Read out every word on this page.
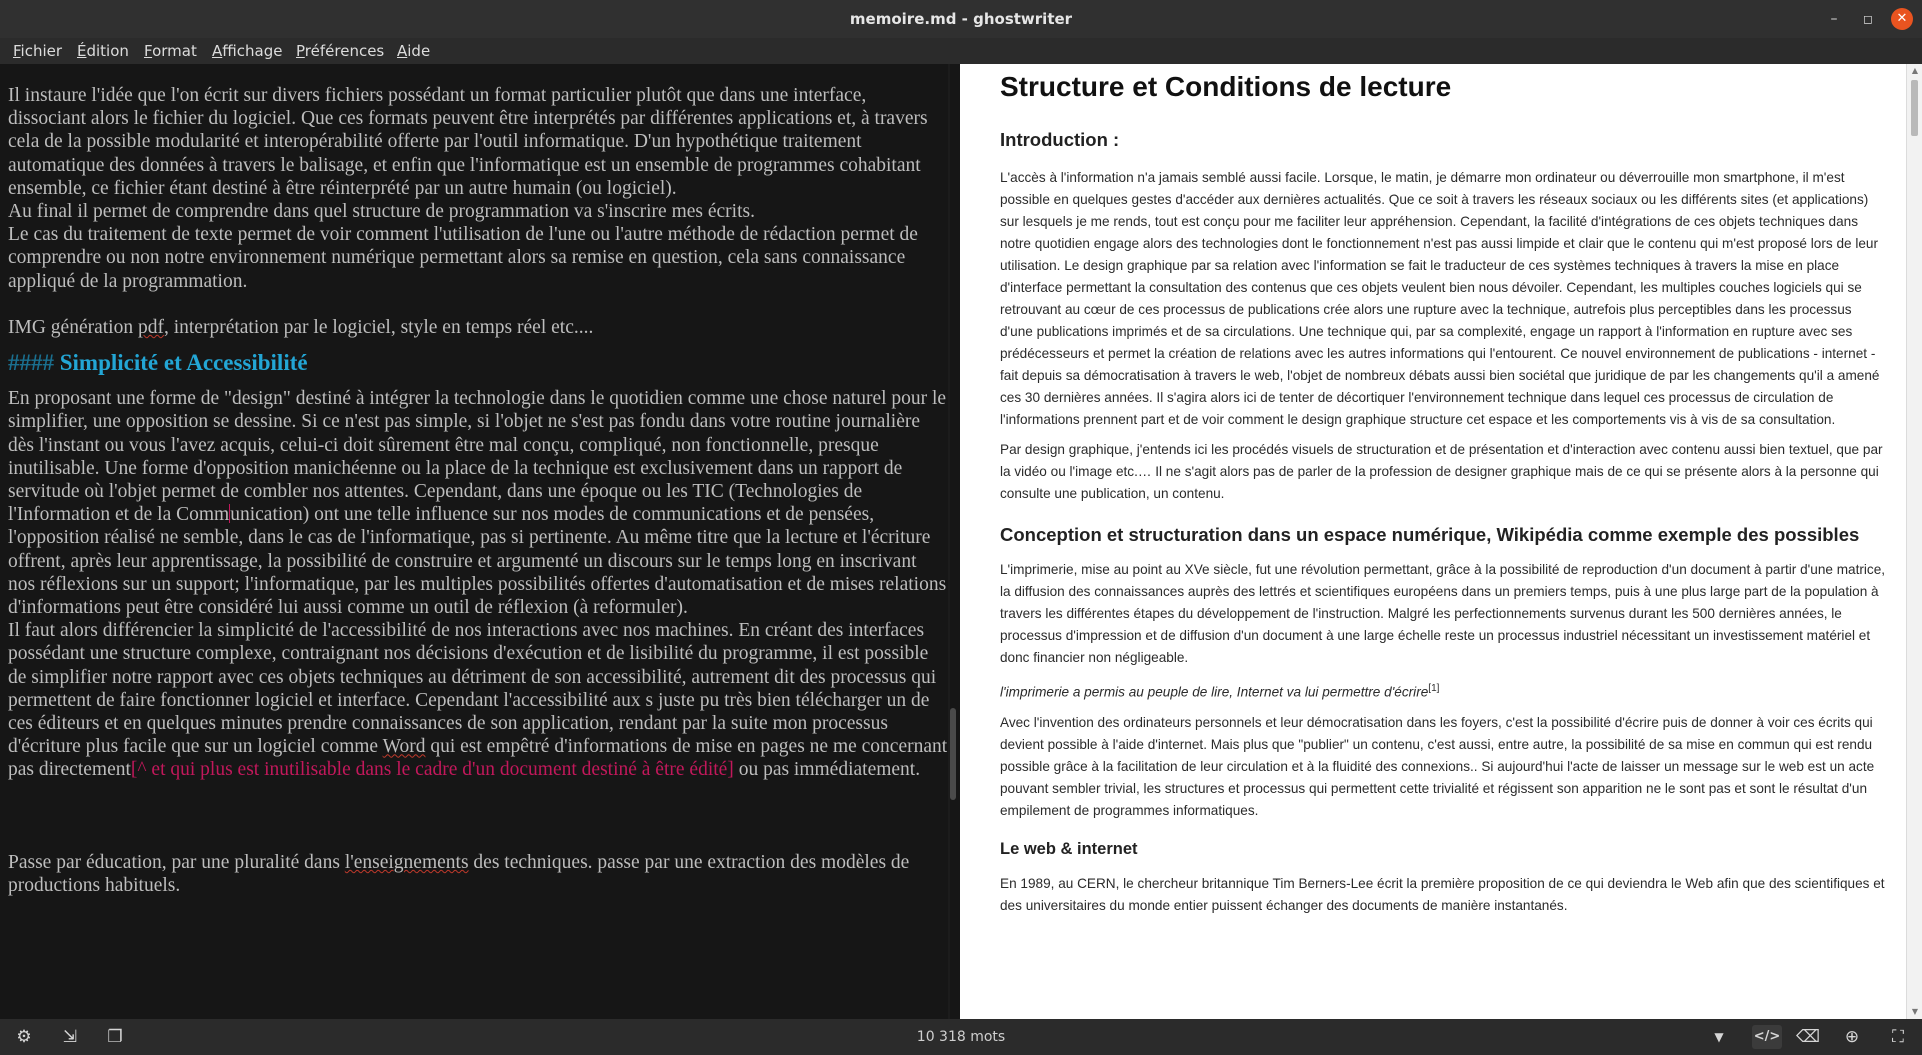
memoire.md - ghostwriter	–	◻	✕
Fichier Édition Format Affichage Préférences Aide

Il instaure l'idée que l'on écrit sur divers fichiers possédant un format particulier plutôt que dans une interface, dissociant alors le fichier du logiciel. Que ces formats peuvent être interprétés par différentes applications et, à travers cela de la possible modularité et interopérabilité offerte par l'outil informatique. D'un hypothétique traitement automatique des données à travers le balisage, et enfin que l'informatique est un ensemble de programmes cohabitant ensemble, ce fichier étant destiné à être réinterprété par un autre humain (ou logiciel).

Au final il permet de comprendre dans quel structure de programmation va s'inscrire mes écrits.

Le cas du traitement de texte permet de voir comment l'utilisation de l'une ou l'autre méthode de rédaction permet de comprendre ou non notre environnement numérique permettant alors sa remise en question, cela sans connaissance appliqué de la programmation.

IMG génération pdf, interprétation par le logiciel, style en temps réel etc....

#### Simplicité et Accessibilité

En proposant une forme de "design" destiné à intégrer la technologie dans le quotidien comme une chose naturel pour le simplifier, une opposition se dessine. Si ce n'est pas simple, si l'objet ne s'est pas fondu dans votre routine journalière dès l'instant ou vous l'avez acquis, celui-ci doit sûrement être mal conçu, compliqué, non fonctionnelle, presque inutilisable. Une forme d'opposition manichéenne ou la place de la technique est exclusivement dans un rapport de servitude où l'objet permet de combler nos attentes. Cependant, dans une époque ou les TIC (Technologies de l'Information et de la Communication) ont une telle influence sur nos modes de communications et de pensées, l'opposition réalisé ne semble, dans le cas de l'informatique, pas si pertinente. Au même titre que la lecture et l'écriture offrent, après leur apprentissage, la possibilité de construire et argumenté un discours sur le temps long en inscrivant nos réflexions sur un support; l'informatique, par les multiples possibilités offertes d'automatisation et de mises relations d'informations peut être considéré lui aussi comme un outil de réflexion (à reformuler).

Il faut alors différencier la simplicité de l'accessibilité de nos interactions avec nos machines. En créant des interfaces possédant une structure complexe, contraignant nos décisions d'exécution et de lisibilité du programme, il est possible de simplifier notre rapport avec ces objets techniques au détriment de son accessibilité, autrement dit des processus qui permettent de faire fonctionner logiciel et interface. Cependant l'accessibilité aux s juste pu très bien télécharger un de ces éditeurs et en quelques minutes prendre connaissances de son application, rendant par la suite mon processus d'écriture plus facile que sur un logiciel comme Word qui est empêtré d'informations de mise en pages ne me concernant pas directement[^ et qui plus est inutilisable dans le cadre d'un document destiné à être édité] ou pas immédiatement.

Passe par éducation, par une pluralité dans l'enseignements des techniques. passe par une extraction des modèles de productions habituels.

Structure et Conditions de lecture
Introduction :

L'accès à l'information n'a jamais semblé aussi facile. Lorsque, le matin, je démarre mon ordinateur ou déverrouille mon smartphone, il m'est possible en quelques gestes d'accéder aux dernières actualités. Que ce soit à travers les réseaux sociaux ou les différents sites (et applications) sur lesquels je me rends, tout est conçu pour me faciliter leur appréhension. Cependant, la facilité d'intégrations de ces objets techniques dans notre quotidien engage alors des technologies dont le fonctionnement n'est pas aussi limpide et clair que le contenu qui m'est proposé lors de leur utilisation. Le design graphique par sa relation avec l'information se fait le traducteur de ces systèmes techniques à travers la mise en place d'interface permettant la consultation des contenus que ces objets veulent bien nous dévoiler. Cependant, les multiples couches logiciels qui se retrouvant au cœur de ces processus de publications crée alors une rupture avec la technique, autrefois plus perceptibles dans les processus d'une publications imprimés et de sa circulations. Une technique qui, par sa complexité, engage un rapport à l'information en rupture avec ses prédécesseurs et permet la création de relations avec les autres informations qui l'entourent. Ce nouvel environnement de publications - internet - fait depuis sa démocratisation à travers le web, l'objet de nombreux débats aussi bien sociétal que juridique de par les changements qu'il a amené ces 30 dernières années. Il s'agira alors ici de tenter de décortiquer l'environnement technique dans lequel ces processus de circulation de l'informations prennent part et de voir comment le design graphique structure cet espace et les comportements vis à vis de sa consultation.

Par design graphique, j'entends ici les procédés visuels de structuration et de présentation et d'interaction avec contenu aussi bien textuel, que par la vidéo ou l'image etc.… Il ne s'agit alors pas de parler de la profession de designer graphique mais de ce qui se présente alors à la personne qui consulte une publication, un contenu.

Conception et structuration dans un espace numérique, Wikipédia comme exemple des possibles

L'imprimerie, mise au point au XVe siècle, fut une révolution permettant, grâce à la possibilité de reproduction d'un document à partir d'une matrice, la diffusion des connaissances auprès des lettrés et scientifiques européens dans un premiers temps, puis à une plus large part de la population à travers les différentes étapes du développement de l'instruction. Malgré les perfectionnements survenus durant les 500 dernières années, le processus d'impression et de diffusion d'un document à une large échelle reste un processus industriel nécessitant un investissement matériel et donc financier non négligeable.

l'imprimerie a permis au peuple de lire, Internet va lui permettre d'écrire[1]

Avec l'invention des ordinateurs personnels et leur démocratisation dans les foyers, c'est la possibilité d'écrire puis de donner à voir ces écrits qui devient possible à l'aide d'internet. Mais plus que "publier" un contenu, c'est aussi, entre autre, la possibilité de sa mise en commun qui est rendu possible grâce à la facilitation de leur circulation et à la fluidité des connexions.. Si aujourd'hui l'acte de laisser un message sur le web est un acte pouvant sembler trivial, les structures et processus qui permettent cette trivialité et régissent son apparition ne le sont pas et sont le résultat d'un empilement de programmes informatiques.

Le web & internet

En 1989, au CERN, le chercheur britannique Tim Berners-Lee écrit la première proposition de ce qui deviendra le Web afin que des scientifiques et des universitaires du monde entier puissent échanger des documents de manière instantanés.

▲
▼
10 318 mots
⚙ ⇲ ❐	▼	</> ⌫ ⊕	⛶
